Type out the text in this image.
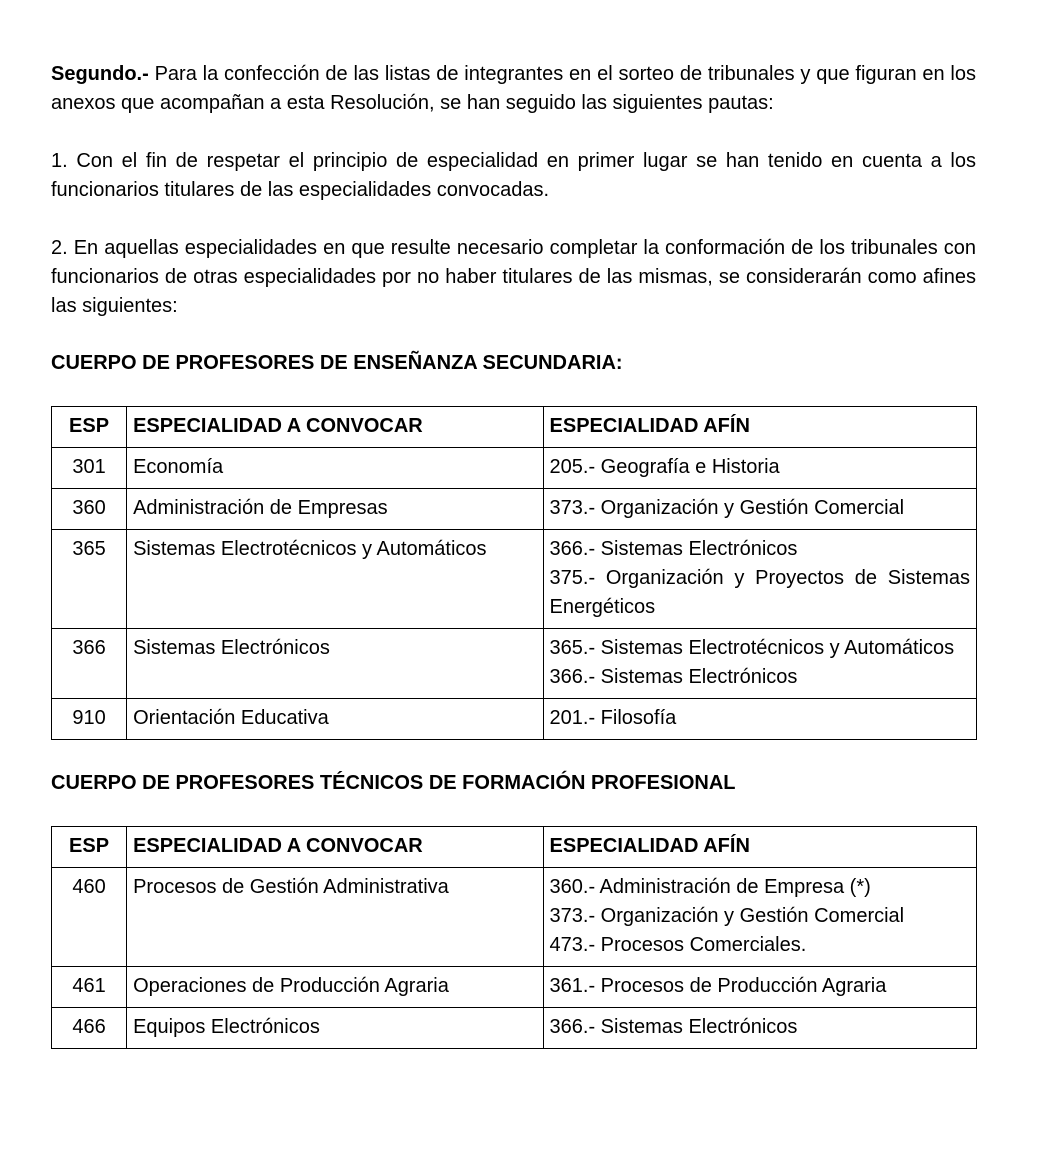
Segundo.- Para la confección de las listas de integrantes en el sorteo de tribunales y que figuran en los anexos que acompañan a esta Resolución, se han seguido las siguientes pautas:

1. Con el fin de respetar el principio de especialidad en primer lugar se han tenido en cuenta a los funcionarios titulares de las especialidades convocadas.

2. En aquellas especialidades en que resulte necesario completar la conformación de los tribunales con funcionarios de otras especialidades por no haber titulares de las mismas, se considerarán como afines las siguientes:

CUERPO DE PROFESORES DE ENSEÑANZA SECUNDARIA:
ESP	ESPECIALIDAD A CONVOCAR	ESPECIALIDAD AFÍN
301	Economía	205.- Geografía e Historia

360	Administración de Empresas	373.- Organización y Gestión Comercial

365	Sistemas Electrotécnicos y Automáticos	366.- Sistemas Electrónicos
375.- Organización y Proyectos de Sistemas Energéticos

366	Sistemas Electrónicos	365.- Sistemas Electrotécnicos y Automáticos
366.- Sistemas Electrónicos

910	Orientación Educativa	201.- Filosofía
CUERPO DE PROFESORES TÉCNICOS DE FORMACIÓN PROFESIONAL
ESP	ESPECIALIDAD A CONVOCAR	ESPECIALIDAD AFÍN
460	Procesos de Gestión Administrativa	360.- Administración de Empresa (*)
373.- Organización y Gestión Comercial
473.- Procesos Comerciales.

461	Operaciones de Producción Agraria	361.- Procesos de Producción Agraria

466	Equipos Electrónicos	366.- Sistemas Electrónicos
